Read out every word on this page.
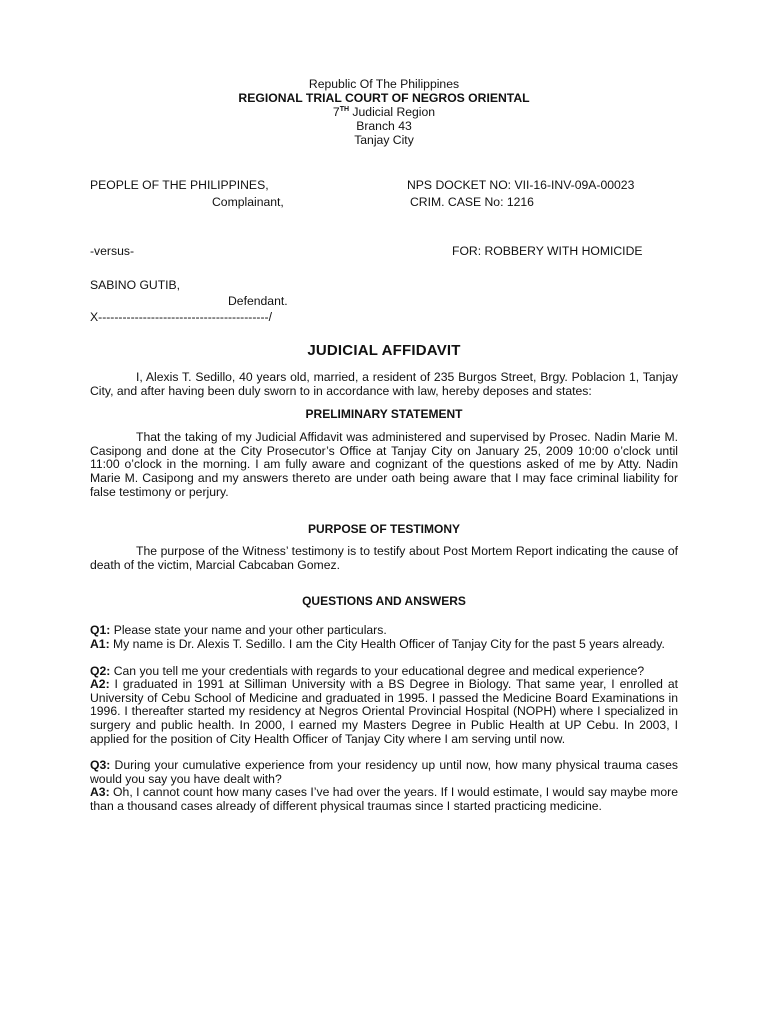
Republic Of The Philippines
REGIONAL TRIAL COURT OF NEGROS ORIENTAL
7TH Judicial Region
Branch 43
Tanjay City
PEOPLE OF THE PHILIPPINES,
Complainant,
NPS DOCKET NO: VII-16-INV-09A-00023
CRIM. CASE No: 1216
-versus-	FOR: ROBBERY WITH HOMICIDE
SABINO GUTIB,
Defendant.
X------------------------------------------/
JUDICIAL AFFIDAVIT

I, Alexis T. Sedillo, 40 years old, married, a resident of 235 Burgos Street, Brgy. Poblacion 1, Tanjay City, and after having been duly sworn to in accordance with law, hereby deposes and states:

PRELIMINARY STATEMENT

That the taking of my Judicial Affidavit was administered and supervised by Prosec. Nadin Marie M. Casipong and done at the City Prosecutor’s Office at Tanjay City on January 25, 2009 10:00 o’clock until 11:00 o’clock in the morning. I am fully aware and cognizant of the questions asked of me by Atty. Nadin Marie M. Casipong and my answers thereto are under oath being aware that I may face criminal liability for false testimony or perjury.

PURPOSE OF TESTIMONY

The purpose of the Witness’ testimony is to testify about Post Mortem Report indicating the cause of death of the victim, Marcial Cabcaban Gomez.

QUESTIONS AND ANSWERS

Q1: Please state your name and your other particulars.

A1: My name is Dr. Alexis T. Sedillo. I am the City Health Officer of Tanjay City for the past 5 years already.

Q2: Can you tell me your credentials with regards to your educational degree and medical experience?

A2: I graduated in 1991 at Silliman University with a BS Degree in Biology. That same year, I enrolled at University of Cebu School of Medicine and graduated in 1995. I passed the Medicine Board Examinations in 1996. I thereafter started my residency at Negros Oriental Provincial Hospital (NOPH) where I specialized in surgery and public health. In 2000, I earned my Masters Degree in Public Health at UP Cebu. In 2003, I applied for the position of City Health Officer of Tanjay City where I am serving until now.

Q3: During your cumulative experience from your residency up until now, how many physical trauma cases would you say you have dealt with?

A3: Oh, I cannot count how many cases I’ve had over the years. If I would estimate, I would say maybe more than a thousand cases already of different physical traumas since I started practicing medicine.
